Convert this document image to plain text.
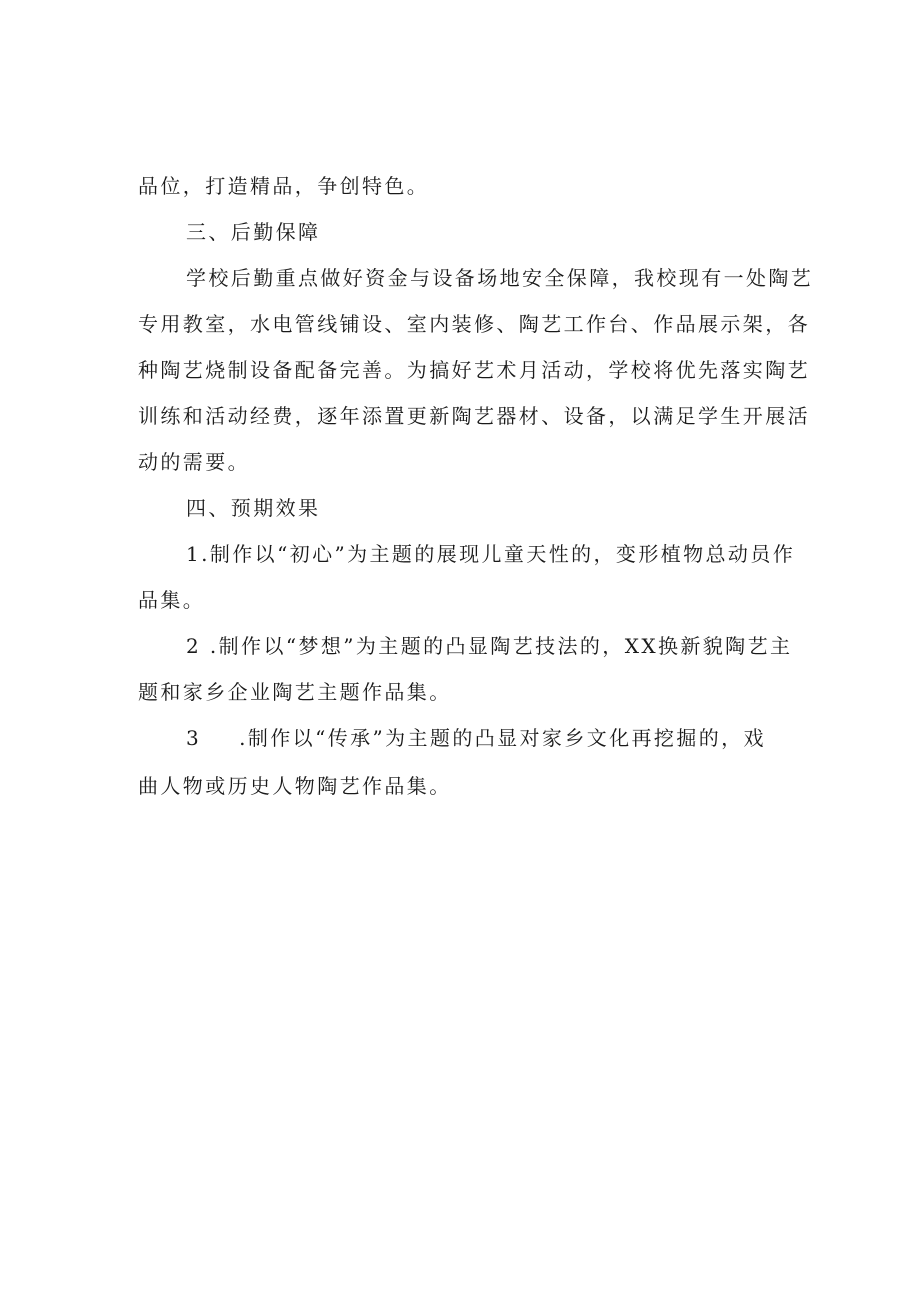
品位，打造精品，争创特色。

三、后勤保障

学校后勤重点做好资金与设备场地安全保障，我校现有一处陶艺

专用教室，水电管线铺设、室内装修、陶艺工作台、作品展示架，各

种陶艺烧制设备配备完善。为搞好艺术月活动，学校将优先落实陶艺

训练和活动经费，逐年添置更新陶艺器材、设备，以满足学生开展活

动的需要。

四、预期效果

1.制作以“初心”为主题的展现儿童天性的，变形植物总动员作

品集。

2 .制作以“梦想”为主题的凸显陶艺技法的，XX换新貌陶艺主

题和家乡企业陶艺主题作品集。

3 .制作以“传承”为主题的凸显对家乡文化再挖掘的，戏

曲人物或历史人物陶艺作品集。
